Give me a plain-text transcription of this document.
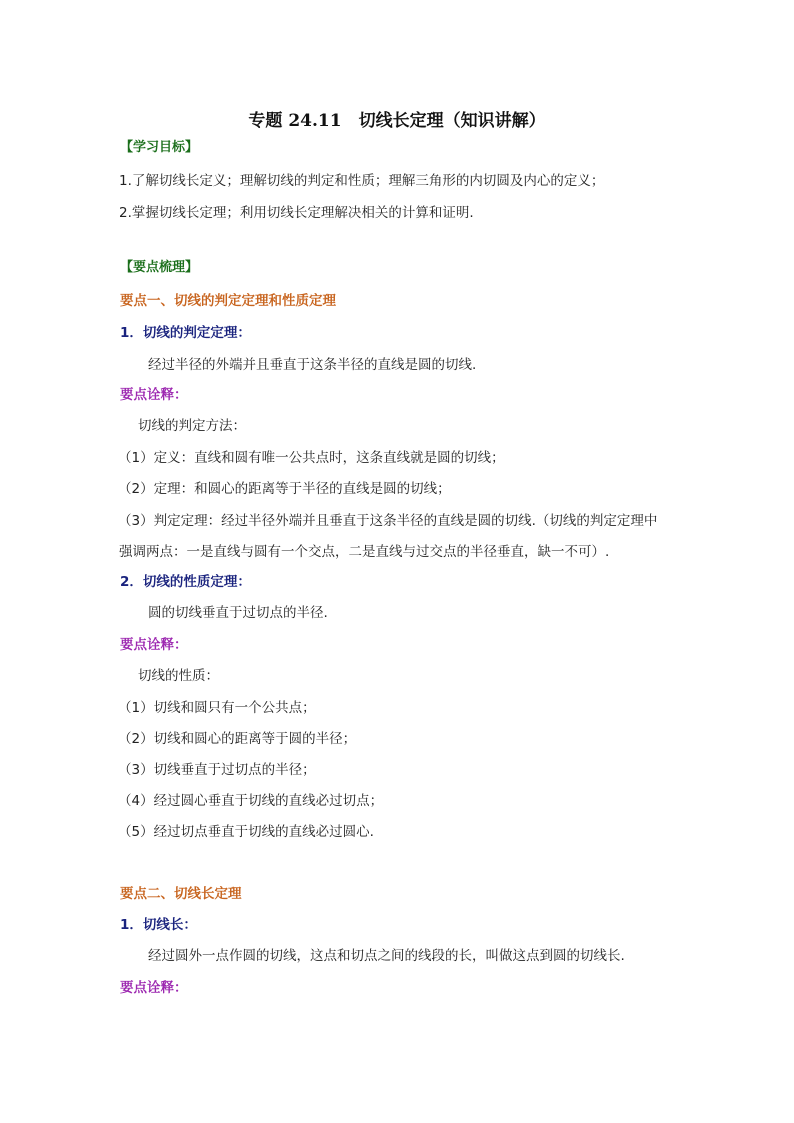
专题 24.11　切线长定理（知识讲解）
【学习目标】
1.了解切线长定义；理解切线的判定和性质；理解三角形的内切圆及内心的定义；
2.掌握切线长定理；利用切线长定理解决相关的计算和证明.
【要点梳理】
要点一、切线的判定定理和性质定理
1．切线的判定定理：
经过半径的外端并且垂直于这条半径的直线是圆的切线.
要点诠释：
切线的判定方法：
（1）定义：直线和圆有唯一公共点时，这条直线就是圆的切线；
（2）定理：和圆心的距离等于半径的直线是圆的切线；
（3）判定定理：经过半径外端并且垂直于这条半径的直线是圆的切线.（切线的判定定理中
强调两点：一是直线与圆有一个交点，二是直线与过交点的半径垂直，缺一不可）.
2．切线的性质定理：
圆的切线垂直于过切点的半径.
要点诠释：
切线的性质：
（1）切线和圆只有一个公共点；
（2）切线和圆心的距离等于圆的半径；
（3）切线垂直于过切点的半径；
（4）经过圆心垂直于切线的直线必过切点；
（5）经过切点垂直于切线的直线必过圆心.
要点二、切线长定理
1．切线长：
经过圆外一点作圆的切线，这点和切点之间的线段的长，叫做这点到圆的切线长.
要点诠释：
